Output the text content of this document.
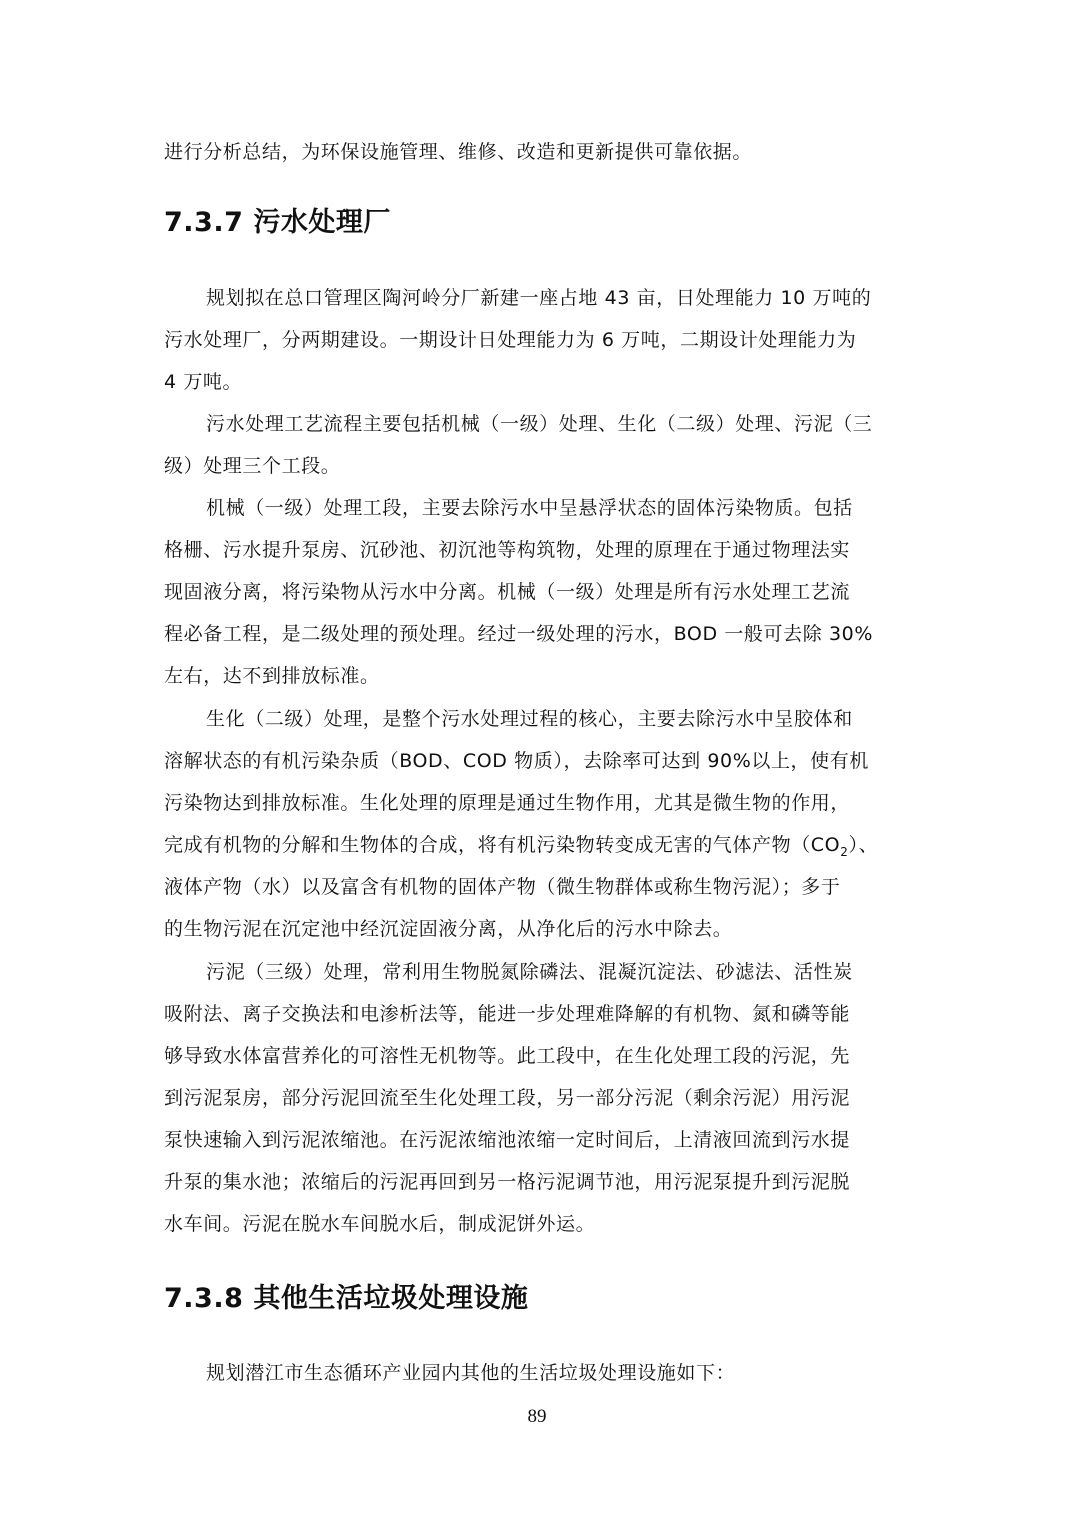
进行分析总结，为环保设施管理、维修、改造和更新提供可靠依据。
7.3.7 污水处理厂
规划拟在总口管理区陶河岭分厂新建一座占地 43 亩，日处理能力 10 万吨的
污水处理厂，分两期建设。一期设计日处理能力为 6 万吨，二期设计处理能力为
4 万吨。
污水处理工艺流程主要包括机械（一级）处理、生化（二级）处理、污泥（三
级）处理三个工段。
机械（一级）处理工段，主要去除污水中呈悬浮状态的固体污染物质。包括
格栅、污水提升泵房、沉砂池、初沉池等构筑物，处理的原理在于通过物理法实
现固液分离，将污染物从污水中分离。机械（一级）处理是所有污水处理工艺流
程必备工程，是二级处理的预处理。经过一级处理的污水，BOD 一般可去除 30%
左右，达不到排放标准。
生化（二级）处理，是整个污水处理过程的核心，主要去除污水中呈胶体和
溶解状态的有机污染杂质（BOD、COD 物质），去除率可达到 90%以上，使有机
污染物达到排放标准。生化处理的原理是通过生物作用，尤其是微生物的作用，
完成有机物的分解和生物体的合成，将有机污染物转变成无害的气体产物$(CO_2)$、
液体产物（水）以及富含有机物的固体产物（微生物群体或称生物污泥）；多于
的生物污泥在沉定池中经沉淀固液分离，从净化后的污水中除去。
污泥（三级）处理，常利用生物脱氮除磷法、混凝沉淀法、砂滤法、活性炭
吸附法、离子交换法和电渗析法等，能进一步处理难降解的有机物、氮和磷等能
够导致水体富营养化的可溶性无机物等。此工段中，在生化处理工段的污泥，先
到污泥泵房，部分污泥回流至生化处理工段，另一部分污泥（剩余污泥）用污泥
泵快速输入到污泥浓缩池。在污泥浓缩池浓缩一定时间后，上清液回流到污水提
升泵的集水池；浓缩后的污泥再回到另一格污泥调节池，用污泥泵提升到污泥脱
水车间。污泥在脱水车间脱水后，制成泥饼外运。
7.3.8 其他生活垃圾处理设施
规划潜江市生态循环产业园内其他的生活垃圾处理设施如下：
89
